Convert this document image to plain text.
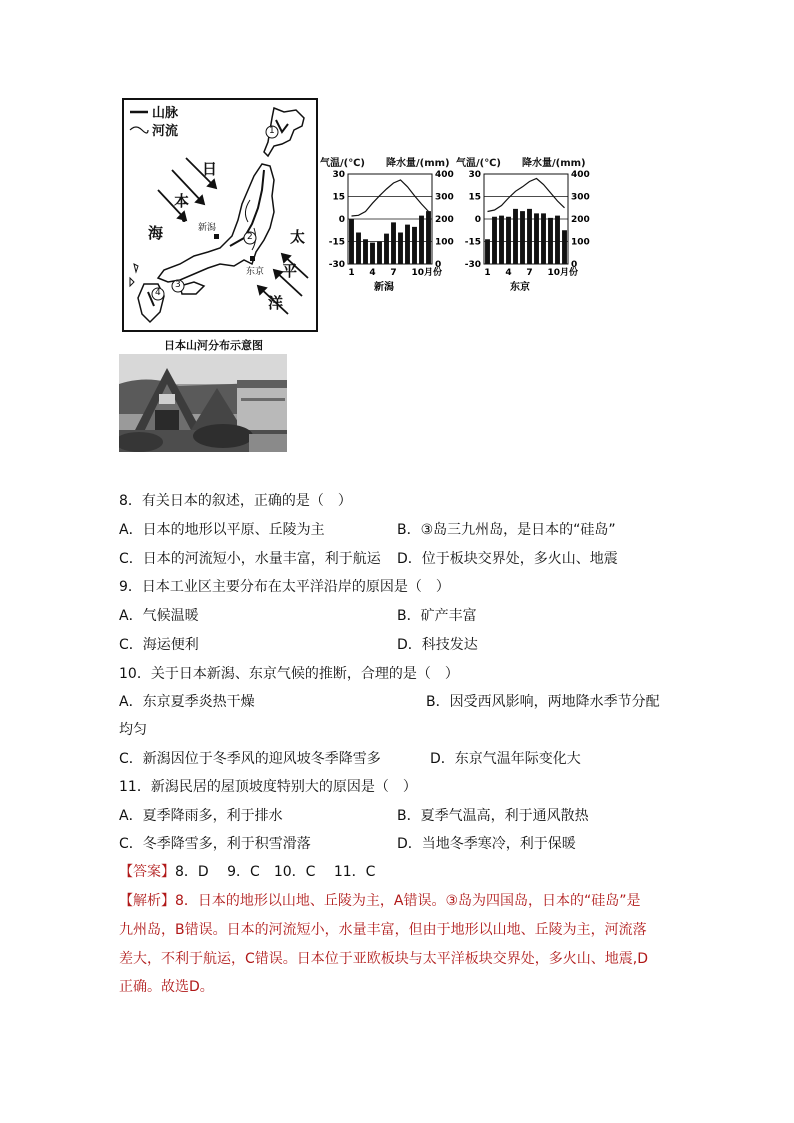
山脉
河流
日
本
海	太
平
洋
新潟
东京
1
2
3
4
日本山河分布示意图
气温/(℃) 降水量/(mm)
30	400
15	300
0	200
-15	100
-30	0
1 4 7 10月份
新潟
气温/(℃) 降水量/(mm)
30	400
15	300
0	200
-15	100
-30	0
1 4 7 10月份
东京
8．有关日本的叙述，正确的是（　）
A．日本的地形以平原、丘陵为主	B．③岛三九州岛，是日本的“硅岛”
C．日本的河流短小，水量丰富，利于航运 D．位于板块交界处，多火山、地震
9．日本工业区主要分布在太平洋沿岸的原因是（　）
A．气候温暖	B．矿产丰富
C．海运便利	D．科技发达
10．关于日本新潟、东京气候的推断，合理的是（　）
A．东京夏季炎热干燥	B．因受西风影响，两地降水季节分配
均匀
C．新潟因位于冬季风的迎风坡冬季降雪多	D．东京气温年际变化大
11．新潟民居的屋顶坡度特别大的原因是（　）
A．夏季降雨多，利于排水	B．夏季气温高，利于通风散热
C．冬季降雪多，利于积雪滑落	D．当地冬季寒冷，利于保暖
【答案】8．D　 9．C　10．C　 11．C
【解析】8．日本的地形以山地、丘陵为主，A错误。③岛为四国岛，日本的“硅岛”是
九州岛，B错误。日本的河流短小，水量丰富，但由于地形以山地、丘陵为主，河流落
差大，不利于航运，C错误。日本位于亚欧板块与太平洋板块交界处，多火山、地震,D
正确。故选D。
